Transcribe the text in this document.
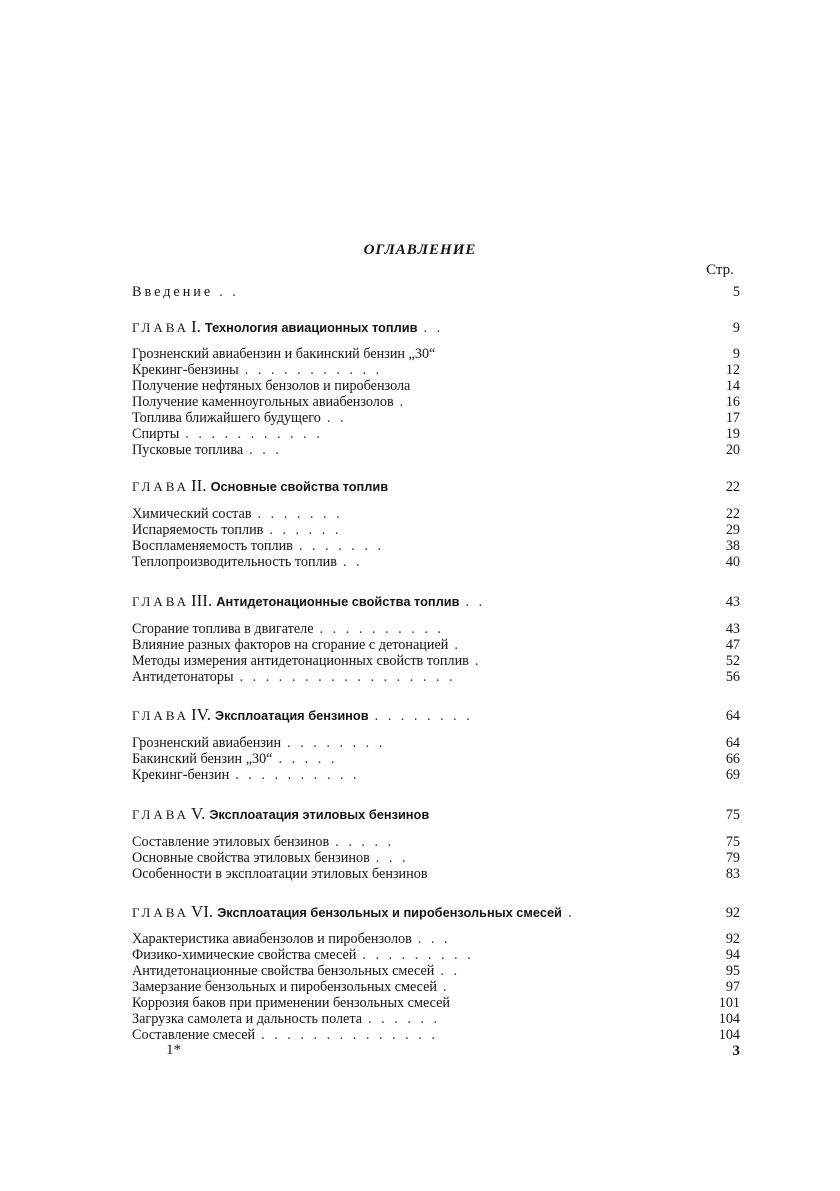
ОГЛАВЛЕНИЕ
Стр.
Введение . .	5
ГЛАВА I. Технология авиационных топлив . .	9
Грозненский авиабензин и бакинский бензин „30“	9
Крекинг-бензины . . . . . . . . . . .	12
Получение нефтяных бензолов и пиробензола	14
Получение каменноугольных авиабензолов .	16
Топлива ближайшего будущего . .	17
Спирты . . . . . . . . . . .	19
Пусковые топлива . . .	20
ГЛАВА II. Основные свойства топлив	22
Химический состав . . . . . . .	22
Испаряемость топлив . . . . . .	29
Воспламеняемость топлив . . . . . . .	38
Теплопроизводительность топлив . .	40
ГЛАВА III. Антидетонационные свойства топлив . .	43
Сгорание топлива в двигателе . . . . . . . . . .	43
Влияние разных факторов на сгорание с детонацией .	47
Методы измерения антидетонационных свойств топлив .	52
Антидетонаторы . . . . . . . . . . . . . . . . .	56
ГЛАВА IV. Эксплоатация бензинов . . . . . . . .	64
Грозненский авиабензин . . . . . . . .	64
Бакинский бензин „30“ . . . . .	66
Крекинг-бензин . . . . . . . . . .	69
ГЛАВА V. Эксплоатация этиловых бензинов	75
Составление этиловых бензинов . . . . .	75
Основные свойства этиловых бензинов . . .	79
Особенности в эксплоатации этиловых бензинов	83
ГЛАВА VI. Эксплоатация бензольных и пиробензольных смесей .	92
Характеристика авиабензолов и пиробензолов . . .	92
Физико-химические свойства смесей . . . . . . . . .	94
Антидетонационные свойства бензольных смесей . .	95
Замерзание бензольных и пиробензольных смесей .	97
Коррозия баков при применении бензольных смесей	101
Загрузка самолета и дальность полета . . . . . .	104
Составление смесей . . . . . . . . . . . . . .	104
1*	3
